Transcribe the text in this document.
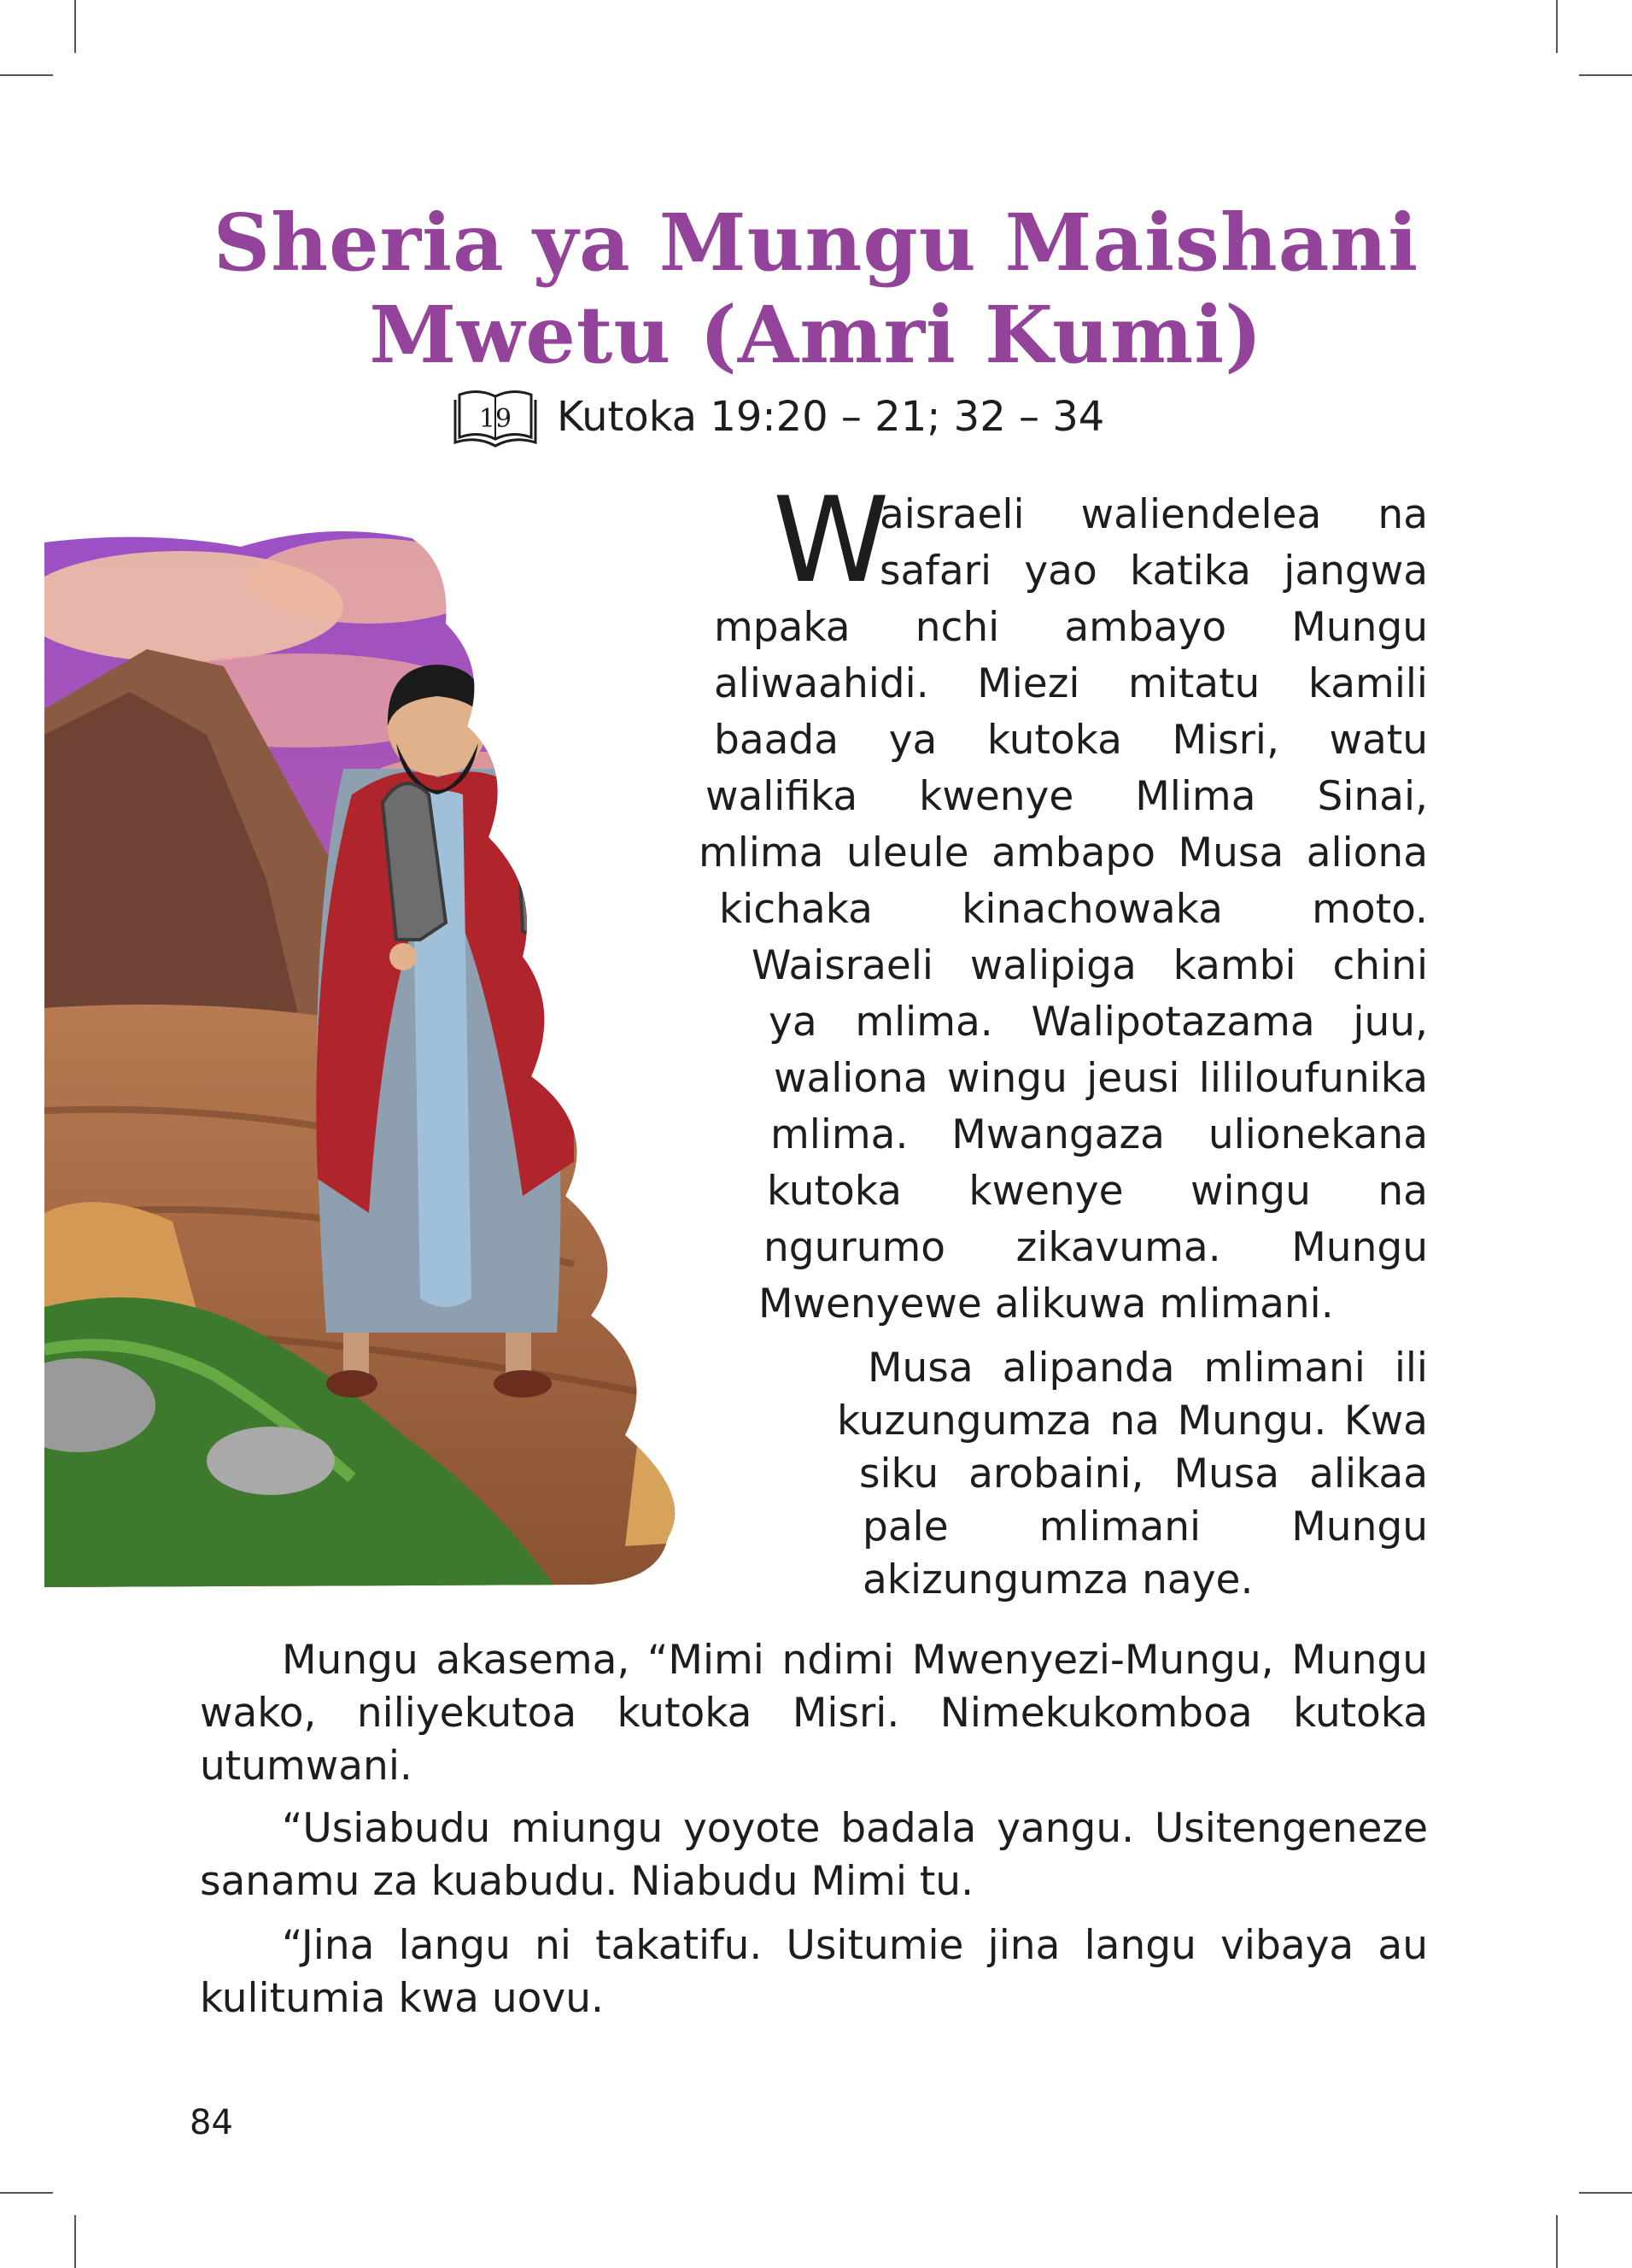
Sheria ya Mungu Maishani
Mwetu (Amri Kumi)
19 Kutoka 19:20 – 21; 32 – 34
W
aisraeli waliendelea na
safari yao katika jangwa
mpaka nchi ambayo Mungu
aliwaahidi. Miezi mitatu kamili
baada ya kutoka Misri, watu
walifika kwenye Mlima Sinai,
mlima uleule ambapo Musa aliona
kichaka kinachowaka moto.
Waisraeli walipiga kambi chini
ya mlima. Walipotazama juu,
waliona wingu jeusi lililoufunika
mlima. Mwangaza ulionekana
kutoka kwenye wingu na
ngurumo zikavuma. Mungu
Mwenyewe alikuwa mlimani.
Musa alipanda mlimani ili
kuzungumza na Mungu. Kwa
siku arobaini, Musa alikaa
pale mlimani Mungu
akizungumza naye.
Mungu akasema, “Mimi ndimi Mwenyezi-Mungu, Mungu
wako, niliyekutoa kutoka Misri. Nimekukomboa kutoka
utumwani.
“Usiabudu miungu yoyote badala yangu. Usitengeneze
sanamu za kuabudu. Niabudu Mimi tu.
“Jina langu ni takatifu. Usitumie jina langu vibaya au
kulitumia kwa uovu.
84
